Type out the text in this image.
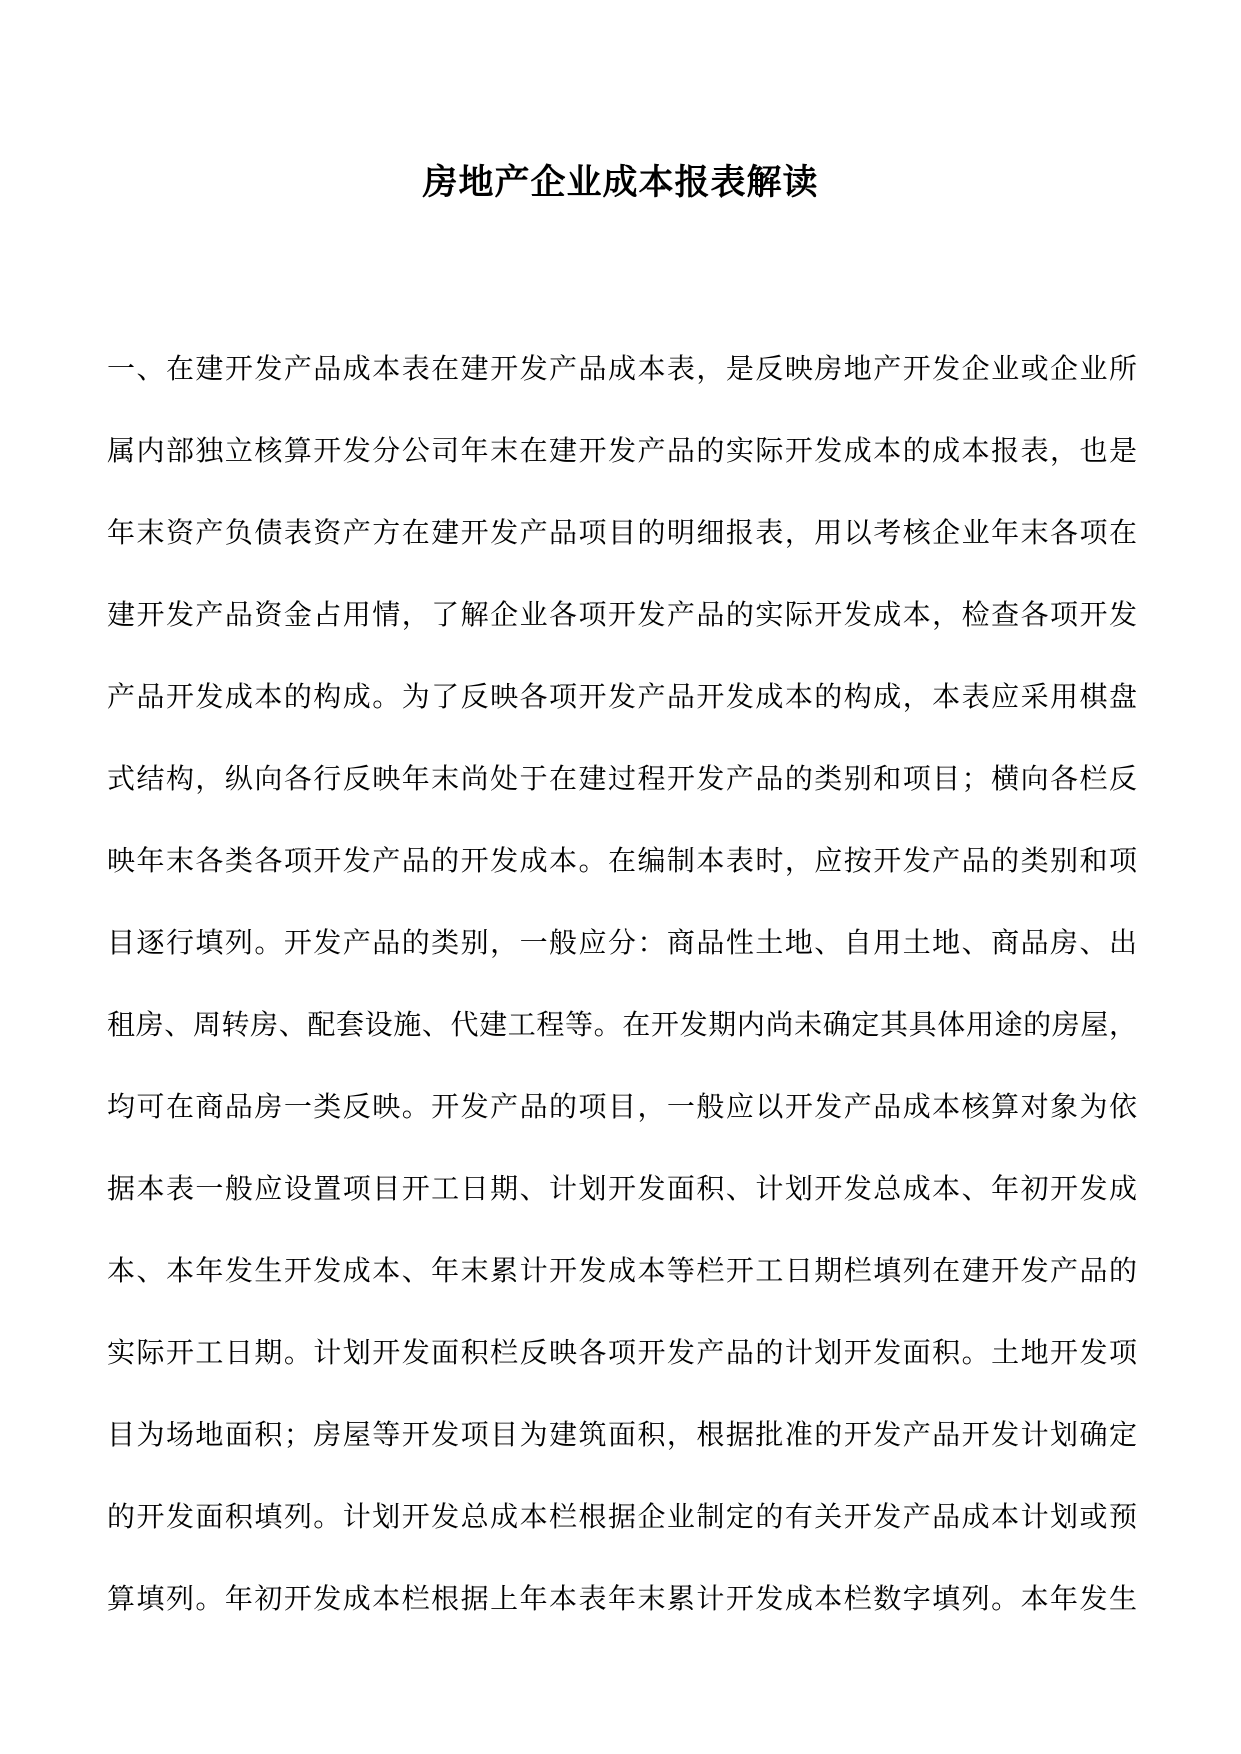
房地产企业成本报表解读
一、在建开发产品成本表在建开发产品成本表，是反映房地产开发企业或企业所
属内部独立核算开发分公司年末在建开发产品的实际开发成本的成本报表，也是
年末资产负债表资产方在建开发产品项目的明细报表，用以考核企业年末各项在
建开发产品资金占用情，了解企业各项开发产品的实际开发成本，检查各项开发
产品开发成本的构成。为了反映各项开发产品开发成本的构成，本表应采用棋盘
式结构，纵向各行反映年末尚处于在建过程开发产品的类别和项目；横向各栏反
映年末各类各项开发产品的开发成本。在编制本表时，应按开发产品的类别和项
目逐行填列。开发产品的类别，一般应分：商品性土地、自用土地、商品房、出
租房、周转房、配套设施、代建工程等。在开发期内尚未确定其具体用途的房屋，
均可在商品房一类反映。开发产品的项目，一般应以开发产品成本核算对象为依
据本表一般应设置项目开工日期、计划开发面积、计划开发总成本、年初开发成
本、本年发生开发成本、年末累计开发成本等栏开工日期栏填列在建开发产品的
实际开工日期。计划开发面积栏反映各项开发产品的计划开发面积。土地开发项
目为场地面积；房屋等开发项目为建筑面积，根据批准的开发产品开发计划确定
的开发面积填列。计划开发总成本栏根据企业制定的有关开发产品成本计划或预
算填列。年初开发成本栏根据上年本表年末累计开发成本栏数字填列。本年发生
